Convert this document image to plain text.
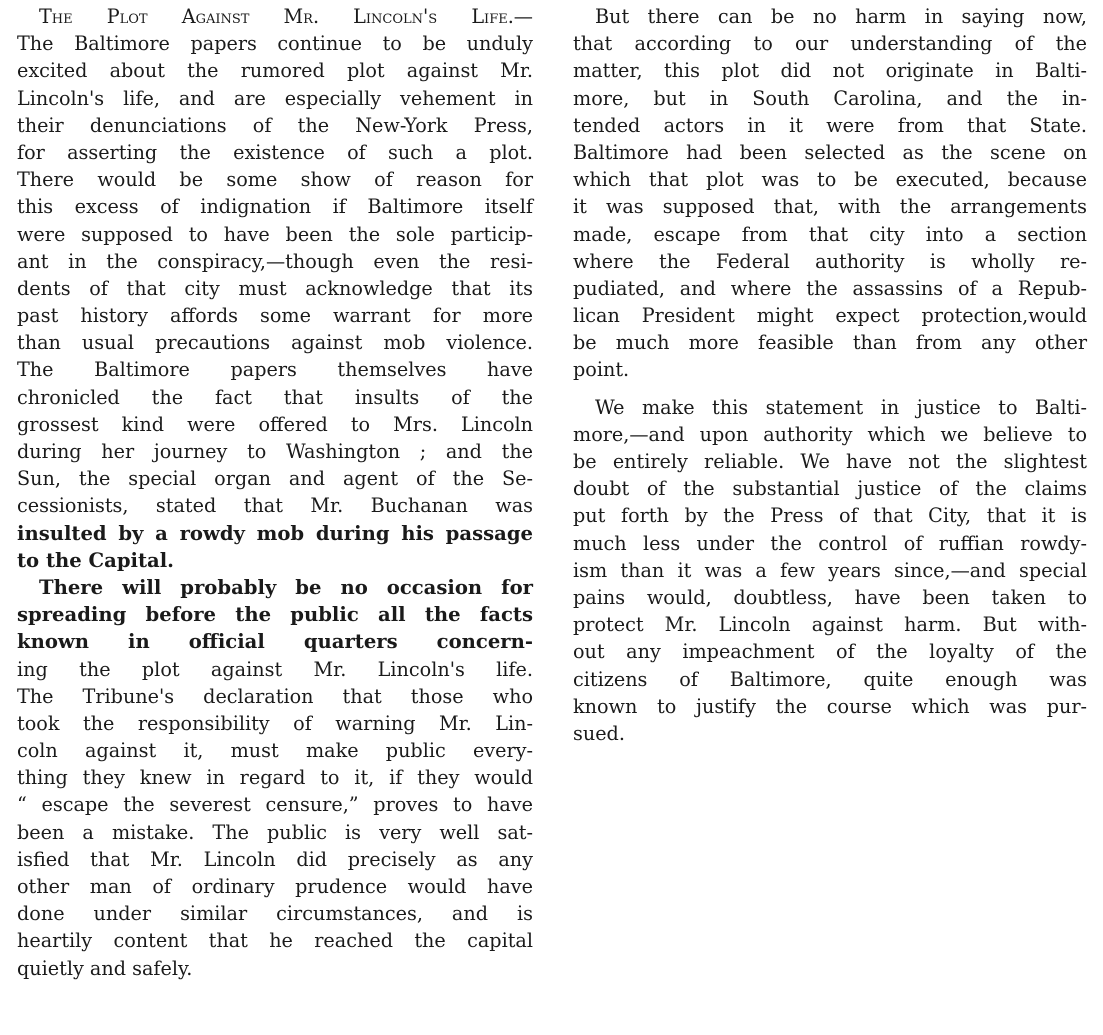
The Plot Against Mr. Lincoln's Life.—
The Baltimore papers continue to be unduly
excited about the rumored plot against Mr.
Lincoln's life, and are especially vehement in
their denunciations of the New-York Press,
for asserting the existence of such a plot.
There would be some show of reason for
this excess of indignation if Baltimore itself
were supposed to have been the sole particip-
ant in the conspiracy,—though even the resi-
dents of that city must acknowledge that its
past history affords some warrant for more
than usual precautions against mob violence.
The Baltimore papers themselves have
chronicled the fact that insults of the
grossest kind were offered to Mrs. Lincoln
during her journey to Washington ; and the
Sun, the special organ and agent of the Se-
cessionists, stated that Mr. Buchanan was
insulted by a rowdy mob during his passage
to the Capital.
There will probably be no occasion for
spreading before the public all the facts
known in official quarters concern-
ing the plot against Mr. Lincoln's life.
The Tribune's declaration that those who
took the responsibility of warning Mr. Lin-
coln against it, must make public every-
thing they knew in regard to it, if they would
“ escape the severest censure,” proves to have
been a mistake. The public is very well sat-
isfied that Mr. Lincoln did precisely as any
other man of ordinary prudence would have
done under similar circumstances, and is
heartily content that he reached the capital
quietly and safely.
But there can be no harm in saying now,
that according to our understanding of the
matter, this plot did not originate in Balti-
more, but in South Carolina, and the in-
tended actors in it were from that State.
Baltimore had been selected as the scene on
which that plot was to be executed, because
it was supposed that, with the arrangements
made, escape from that city into a section
where the Federal authority is wholly re-
pudiated, and where the assassins of a Repub-
lican President might expect protection,would
be much more feasible than from any other
point.
We make this statement in justice to Balti-
more,—and upon authority which we believe to
be entirely reliable. We have not the slightest
doubt of the substantial justice of the claims
put forth by the Press of that City, that it is
much less under the control of ruffian rowdy-
ism than it was a few years since,—and special
pains would, doubtless, have been taken to
protect Mr. Lincoln against harm. But with-
out any impeachment of the loyalty of the
citizens of Baltimore, quite enough was
known to justify the course which was pur-
sued.
